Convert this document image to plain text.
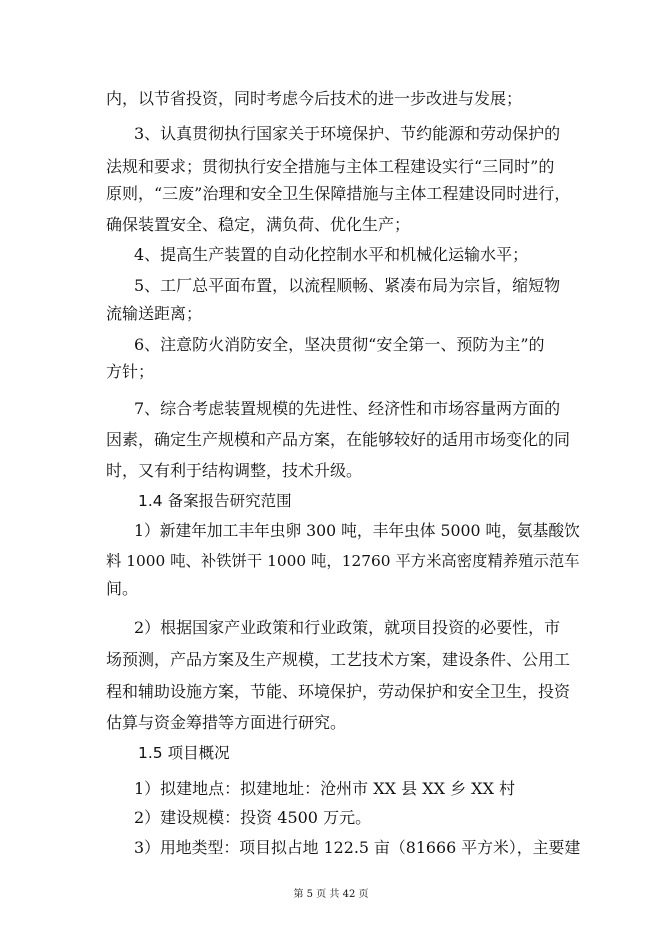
内，以节省投资，同时考虑今后技术的进一步改进与发展；
3、认真贯彻执行国家关于环境保护、节约能源和劳动保护的
法规和要求；贯彻执行安全措施与主体工程建设实行“三同时”的
原则，“三废”治理和安全卫生保障措施与主体工程建设同时进行，
确保装置安全、稳定，满负荷、优化生产；
4、提高生产装置的自动化控制水平和机械化运输水平；
5、工厂总平面布置，以流程顺畅、紧凑布局为宗旨，缩短物
流输送距离；
6、注意防火消防安全，坚决贯彻“安全第一、预防为主”的
方针；
7、综合考虑装置规模的先进性、经济性和市场容量两方面的
因素，确定生产规模和产品方案，在能够较好的适用市场变化的同
时，又有利于结构调整，技术升级。
1.4 备案报告研究范围
1）新建年加工丰年虫卵 300 吨，丰年虫体 5000 吨，氨基酸饮
料 1000 吨、补铁饼干 1000 吨，12760 平方米高密度精养殖示范车
间。
2）根据国家产业政策和行业政策，就项目投资的必要性，市
场预测，产品方案及生产规模，工艺技术方案，建设条件、公用工
程和辅助设施方案，节能、环境保护，劳动保护和安全卫生，投资
估算与资金筹措等方面进行研究。
1.5 项目概况
1）拟建地点：拟建地址：沧州市 XX 县 XX 乡 XX 村
2）建设规模：投资 4500 万元。
3）用地类型：项目拟占地 122.5 亩（81666 平方米），主要建
第 5 页 共 42 页
